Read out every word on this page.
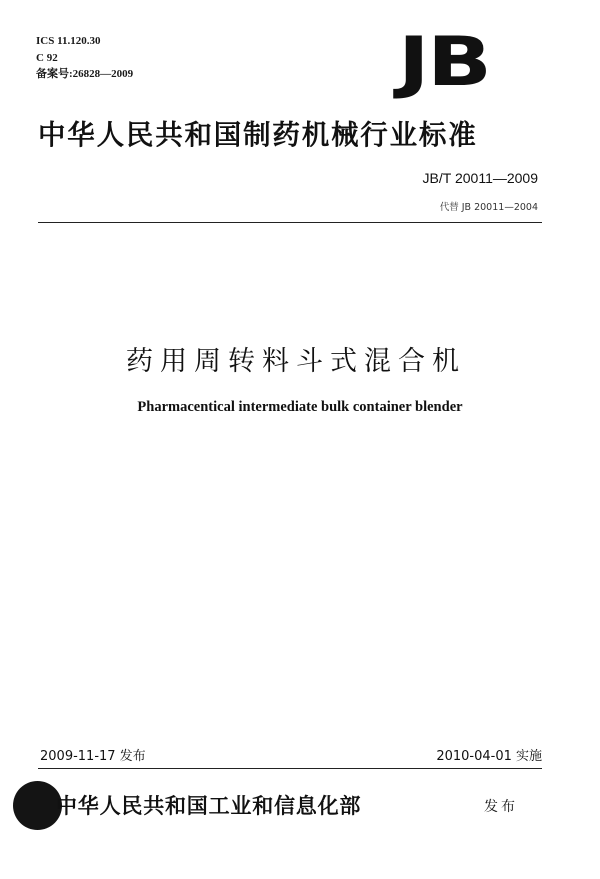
ICS 11.120.30
C 92
备案号:26828—2009	JB
中华人民共和国制药机械行业标准
JB/T 20011—2009
代替 JB 20011—2004
药用周转料斗式混合机
Pharmacentical intermediate bulk container blender
2009-11-17 发布	2010-04-01 实施
中华人民共和国工业和信息化部	发布
